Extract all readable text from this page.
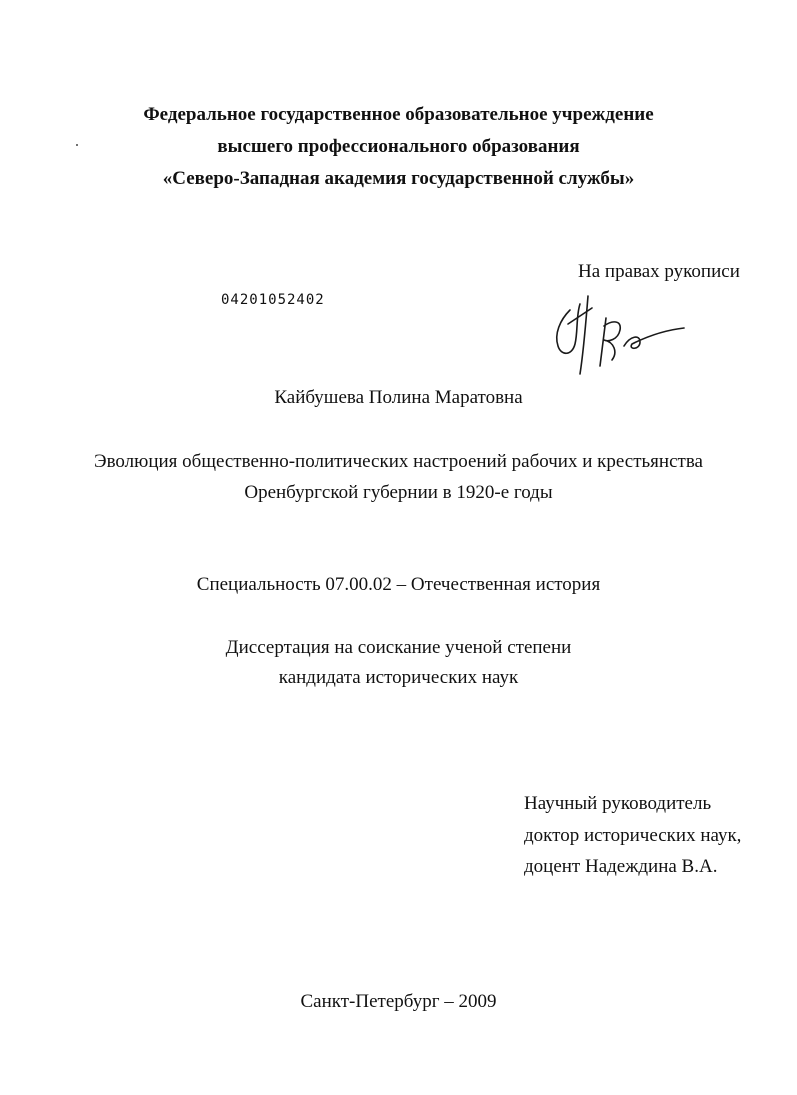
Федеральное государственное образовательное учреждение
высшего профессионального образования
«Северо-Западная академия государственной службы»
На правах рукописи
04201052402
Кайбушева Полина Маратовна
Эволюция общественно-политических настроений рабочих и крестьянства
Оренбургской губернии в 1920-е годы
Специальность 07.00.02 – Отечественная история
Диссертация на соискание ученой степени
кандидата исторических наук
Научный руководитель
доктор исторических наук,
доцент Надеждина В.А.
Санкт-Петербург – 2009
